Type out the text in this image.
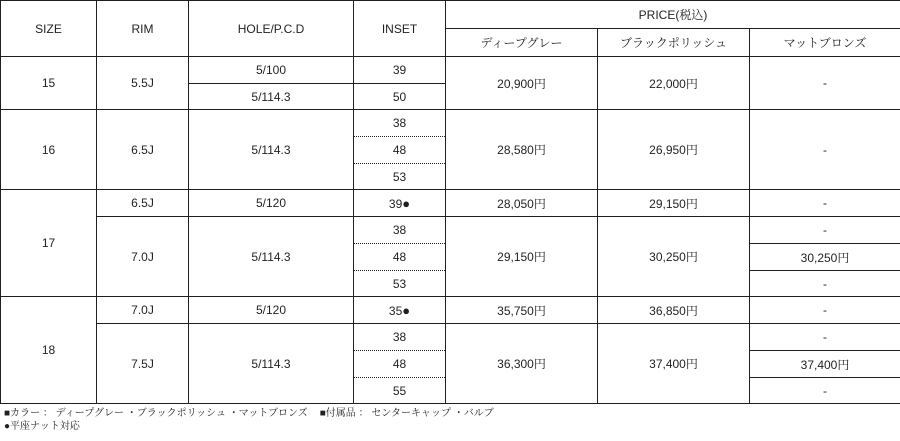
SIZE	RIM	HOLE/P.C.D	INSET	PRICE(税込)		
				ディープグレー	ブラックポリッシュ	マットブロンズ
15	5.5J	5/100	39	20,900円	22,000円	-
		5/114.3	50			
16	6.5J	5/114.3	38	28,580円	26,950円	-
			48			
			53			
17	6.5J	5/120	39●	28,050円	29,150円	-
	7.0J	5/114.3	38	29,150円	30,250円	-
			48			30,250円
			53			-
18	7.0J	5/120	35●	35,750円	36,850円	-
	7.5J	5/114.3	38	36,300円	37,400円	-
			48			37,400円
			55			-
■カラー ： ディープグレー ・ブラックポリッシュ ・マットブロンズ ■付属品 ： センターキャップ ・バルブ
●平座ナット対応
